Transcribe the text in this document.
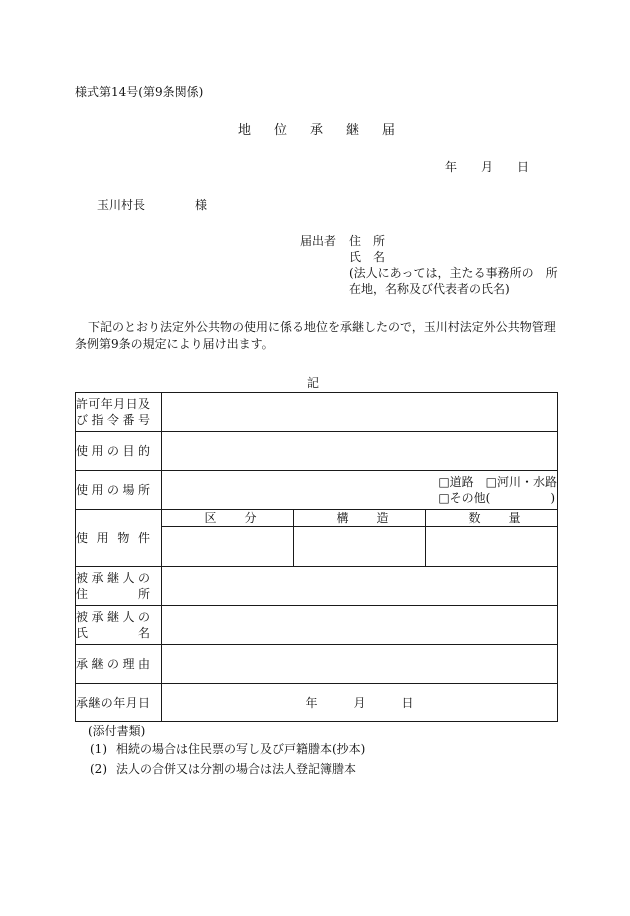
様式第14号(第9条関係)
地位承継届
年 月 日
玉川村長	様
届出者 住　所
氏　名
(法人にあっては，主たる事務所の　所
在地，名称及び代表者の氏名)
下記のとおり法定外公共物の使用に係る地位を承継したので，玉川村法定外公共物管理
条例第9条の規定により届け出ます。
記
許可年月日及
び指令番号			

使用の目的			

使用の場所	□道路　□河川・水路
□その他(　　　　　)		

使用物件	区分	構造	数量

被承継人の
住所			

被承継人の
氏名			

承継の理由			

承継の年月日	年 月 日		
(添付書類)
(1) 相続の場合は住民票の写し及び戸籍謄本(抄本)
(2) 法人の合併又は分割の場合は法人登記簿謄本
